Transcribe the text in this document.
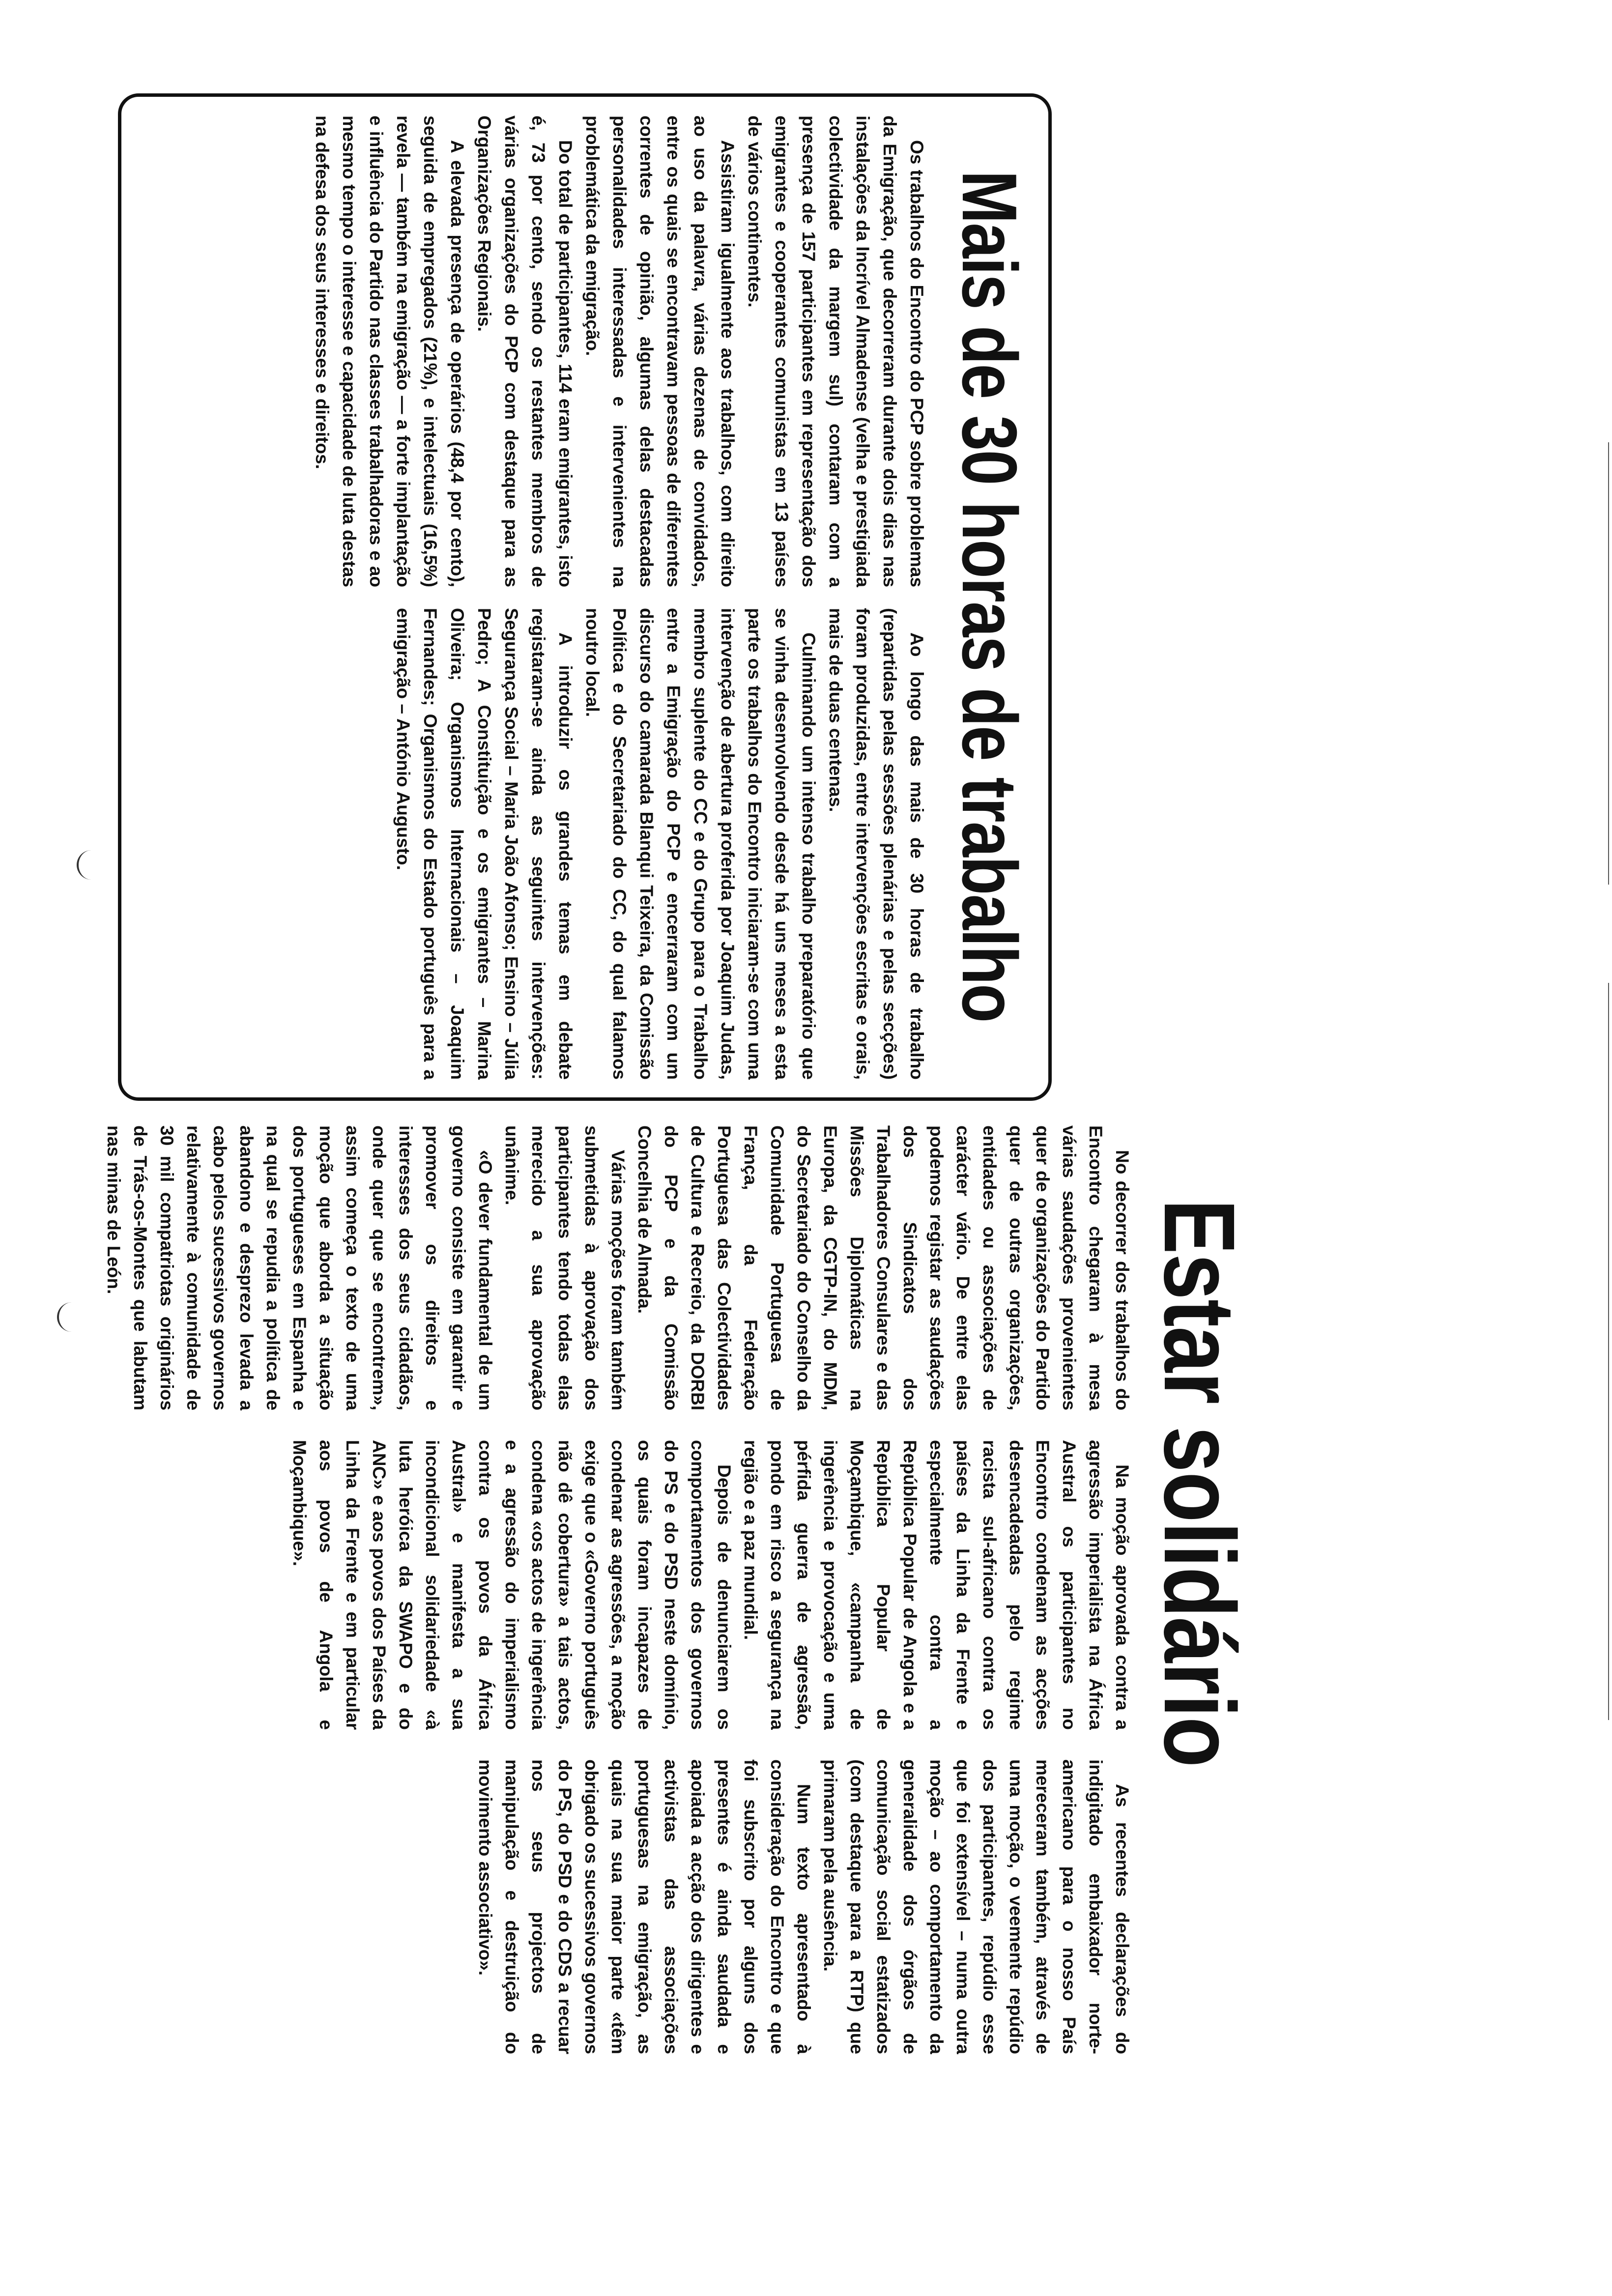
Mais de 30 horas de trabalho

Os trabalhos do Encontro do PCP sobre problemas da Emigração, que decorreram durante dois dias nas instalações da Incrível Almadense (velha e prestigiada colectividade da margem sul) contaram com a presença de 157 participantes em representação dos emigrantes e cooperantes comunistas em 13 países de vários continentes.

Assistiram igualmente aos trabalhos, com direito ao uso da palavra, várias dezenas de convidados, entre os quais se encontravam pessoas de diferentes correntes de opinião, algumas delas destacadas personalidades interessadas e intervenientes na problemática da emigração.

Do total de participantes, 114 eram emigrantes, isto é, 73 por cento, sendo os restantes membros de várias organizações do PCP com destaque para as Organizações Regionais.

A elevada presença de operários (48,4 por cento), seguida de empregados (21%), e intelectuais (16,5%) revela — também na emigração — a forte implantação e influência do Partido nas classes trabalhadoras e ao mesmo tempo o interesse e capacidade de luta destas na defesa dos seus interesses e direitos.

Ao longo das mais de 30 horas de trabalho (repartidas pelas sessões plenárias e pelas secções) foram produzidas, entre intervenções escritas e orais, mais de duas centenas.

Culminando um intenso trabalho preparatório que se vinha desenvolvendo desde há uns meses a esta parte os trabalhos do Encontro iniciaram-se com uma intervenção de abertura proferida por Joaquim Judas, membro suplente do CC e do Grupo para o Trabalho entre a Emigração do PCP e encerraram com um discurso do camarada Blanqui Teixeira, da Comissão Política e do Secretariado do CC, do qual falamos noutro local.

A introduzir os grandes temas em debate registaram-se ainda as seguintes intervenções: Segurança Social – Maria João Afonso; Ensino – Júlia Pedro; A Constituição e os emigrantes – Marina Oliveira; Organismos Internacionais – Joaquim Fernandes; Organismos do Estado português para a emigração – António Augusto.

Estar solidário

No decorrer dos trabalhos do Encontro chegaram à mesa várias saudações provenientes quer de organizações do Partido quer de outras organizações, entidades ou associações de carácter vário. De entre elas podemos registar as saudações dos Sindicatos dos Trabalhadores Consulares e das Missões Diplomáticas na Europa, da CGTP-IN, do MDM, do Secretariado do Conselho da Comunidade Portuguesa de França, da Federação Portuguesa das Colectividades de Cultura e Recreio, da DORBI do PCP e da Comissão Concelhia de Almada.

Várias moções foram também submetidas à aprovação dos participantes tendo todas elas merecido a sua aprovação unânime.

«O dever fundamental de um governo consiste em garantir e promover os direitos e interesses dos seus cidadãos, onde quer que se encontrem», assim começa o texto de uma moção que aborda a situação dos portugueses em Espanha e na qual se repudia a política de abandono e desprezo levada a cabo pelos sucessivos governos relativamente à comunidade de 30 mil compatriotas originários de Trás-os-Montes que labutam nas minas de León.

Na moção aprovada contra a agressão imperialista na África Austral os participantes no Encontro condenam as acções desencadeadas pelo regime racista sul-africano contra os países da Linha da Frente e especialmente contra a República Popular de Angola e a República Popular de Moçambique, «campanha de ingerência e provocação e uma pérfida guerra de agressão, pondo em risco a segurança na região e a paz mundial.

Depois de denunciarem os comportamentos dos governos do PS e do PSD neste domínio, os quais foram incapazes de condenar as agressões, a moção exige que o «Governo português não dê cobertura» a tais actos, condena «os actos de ingerência e a agressão do imperialismo contra os povos da África Austral» e manifesta a sua incondicional solidariedade «à luta heróica da SWAPO e do ANC» e aos povos dos Países da Linha da Frente e em particular aos povos de Angola e Moçambique».

As recentes declarações do indigitado embaixador norte-americano para o nosso País mereceram também, através de uma moção, o veemente repúdio dos participantes, repúdio esse que foi extensível – numa outra moção – ao comportamento da generalidade dos órgãos de comunicação social estatizados (com destaque para a RTP) que primaram pela ausência.

Num texto apresentado à consideração do Encontro e que foi subscrito por alguns dos presentes é ainda saudada e apoiada a acção dos dirigentes e activistas das associações portuguesas na emigração, as quais na sua maior parte «têm obrigado os sucessivos governos do PS, do PSD e do CDS a recuar nos seus projectos de manipulação e destruição do movimento associativo».
